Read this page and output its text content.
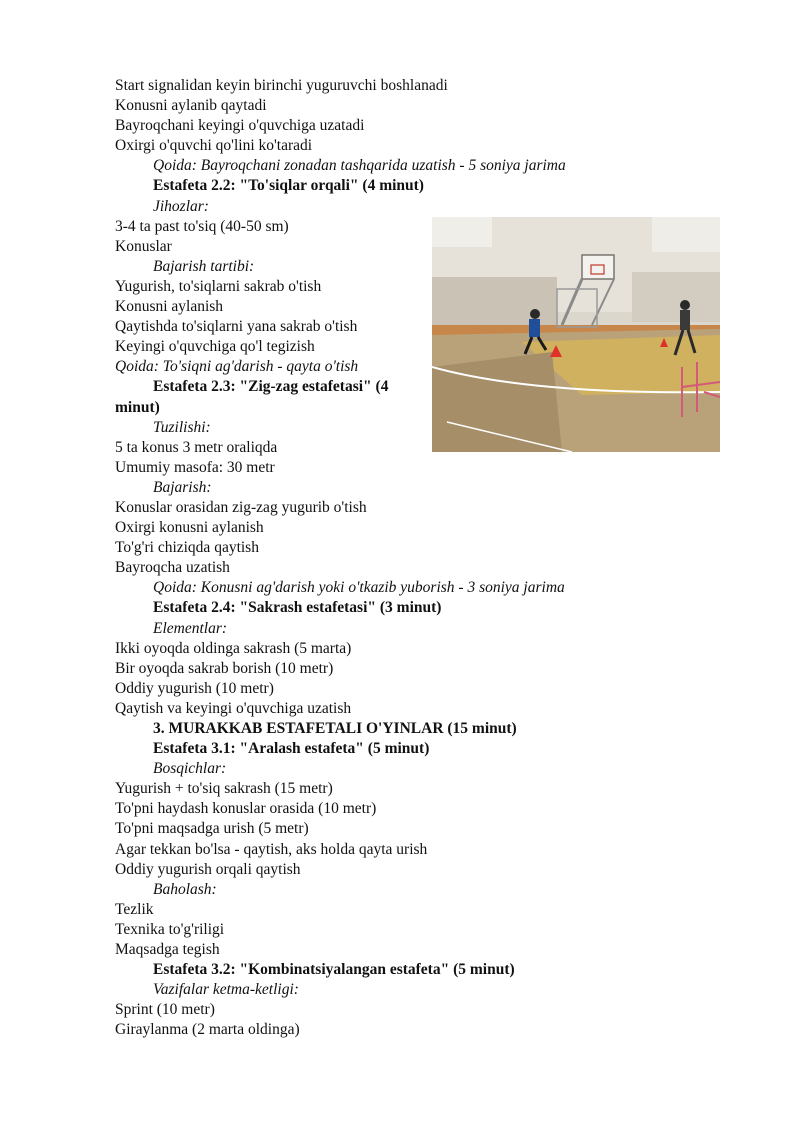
Start signalidan keyin birinchi yuguruvchi boshlanadi
Konusni aylanib qaytadi
Bayroqchani keyingi o'quvchiga uzatadi
Oxirgi o'quvchi qo'lini ko'taradi
Qoida: Bayroqchani zonadan tashqarida uzatish - 5 soniya jarima
Estafeta 2.2: "To'siqlar orqali" (4 minut)
Jihozlar:
3-4 ta past to'siq (40-50 sm)
Konuslar
Bajarish tartibi:
Yugurish, to'siqlarni sakrab o'tish
Konusni aylanish
Qaytishda to'siqlarni yana sakrab o'tish
Keyingi o'quvchiga qo'l tegizish
Qoida: To'siqni ag'darish - qayta o'tish
Estafeta 2.3: "Zig-zag estafetasi" (4 minut)
Tuzilishi:
5 ta konus 3 metr oraliqda
Umumiy masofa: 30 metr
Bajarish:
Konuslar orasidan zig-zag yugurib o'tish
Oxirgi konusni aylanish
To'g'ri chiziqda qaytish
Bayroqcha uzatish
Qoida: Konusni ag'darish yoki o'tkazib yuborish - 3 soniya jarima
Estafeta 2.4: "Sakrash estafetasi" (3 minut)
Elementlar:
Ikki oyoqda oldinga sakrash (5 marta)
Bir oyoqda sakrab borish (10 metr)
Oddiy yugurish (10 metr)
Qaytish va keyingi o'quvchiga uzatish
3. MURAKKAB ESTAFETALI O'YINLAR (15 minut)
Estafeta 3.1: "Aralash estafeta" (5 minut)
Bosqichlar:
Yugurish + to'siq sakrash (15 metr)
To'pni haydash konuslar orasida (10 metr)
To'pni maqsadga urish (5 metr)
Agar tekkan bo'lsa - qaytish, aks holda qayta urish
Oddiy yugurish orqali qaytish
Baholash:
Tezlik
Texnika to'g'riligi
Maqsadga tegish
Estafeta 3.2: "Kombinatsiyalangan estafeta" (5 minut)
Vazifalar ketma-ketligi:
Sprint (10 metr)
Giraylanma (2 marta oldinga)
